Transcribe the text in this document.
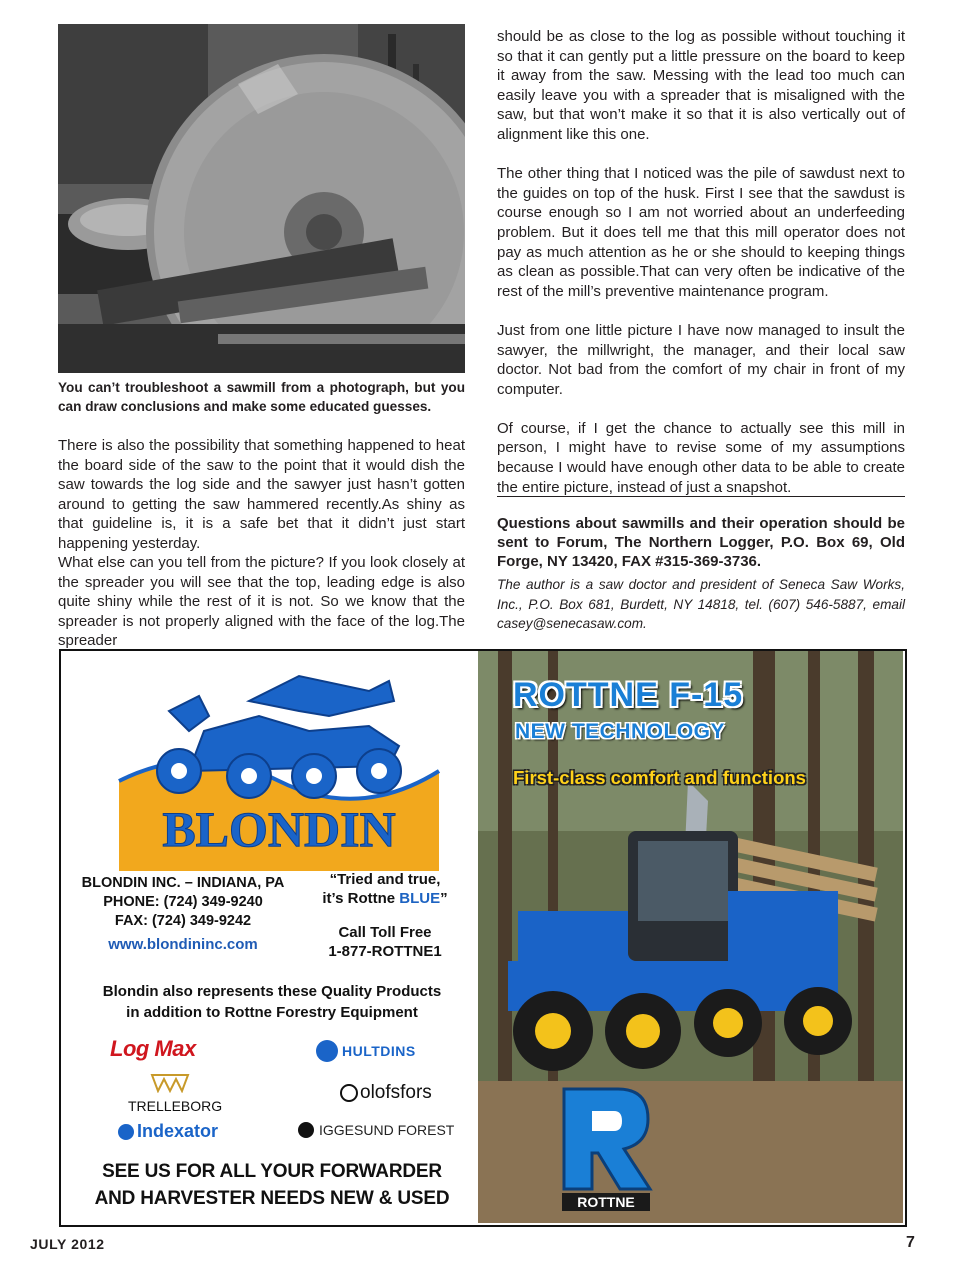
You can’t troubleshoot a sawmill from a photograph, but you can draw conclusions and make some educated guesses.

There is also the possibility that something happened to heat the board side of the saw to the point that it would dish the saw towards the log side and the sawyer just hasn’t gotten around to getting the saw hammered recently.As shiny as that guideline is, it is a safe bet that it didn’t just start happening yesterday.

What else can you tell from the picture? If you look closely at the spreader you will see that the top, leading edge is also quite shiny while the rest of it is not. So we know that the spreader is not properly aligned with the face of the log.The spreader

should be as close to the log as possible without touching it so that it can gently put a little pressure on the board to keep it away from the saw. Messing with the lead too much can easily leave you with a spreader that is misaligned with the saw, but that won’t make it so that it is also vertically out of alignment like this one.

The other thing that I noticed was the pile of sawdust next to the guides on top of the husk. First I see that the sawdust is course enough so I am not worried about an underfeeding problem. But it does tell me that this mill operator does not pay as much attention as he or she should to keeping things as clean as possible.That can very often be indicative of the rest of the mill’s preventive maintenance program.

Just from one little picture I have now managed to insult the sawyer, the millwright, the manager, and their local saw doctor. Not bad from the comfort of my chair in front of my computer.

Of course, if I get the chance to actually see this mill in person, I might have to revise some of my assumptions because I would have enough other data to be able to create the entire picture, instead of just a snapshot.

Questions about sawmills and their operation should be sent to Forum, The Northern Logger, P.O. Box 69, Old Forge, NY 13420, FAX #315-369-3736.
The author is a saw doctor and president of Seneca Saw Works, Inc., P.O. Box 681, Burdett, NY 14818, tel. (607) 546-5887, email casey@senecasaw.com.
BLONDIN
BLONDIN INC. – INDIANA, PA
PHONE: (724) 349-9240
FAX: (724) 349-9242
www.blondininc.com
“Tried and true,
it’s Rottne BLUE”
Call Toll Free
1-877-ROTTNE1
Blondin also represents these Quality Products
in addition to Rottne Forestry Equipment
Log Max	HULTDINS
TRELLEBORG
olofsfors
Indexator	IGGESUND FOREST
SEE US FOR ALL YOUR FORWARDER
AND HARVESTER NEEDS NEW & USED
ROTTNE F-15
NEW TECHNOLOGY
First-class comfort and functions
ROTTNE
JULY 2012	7
